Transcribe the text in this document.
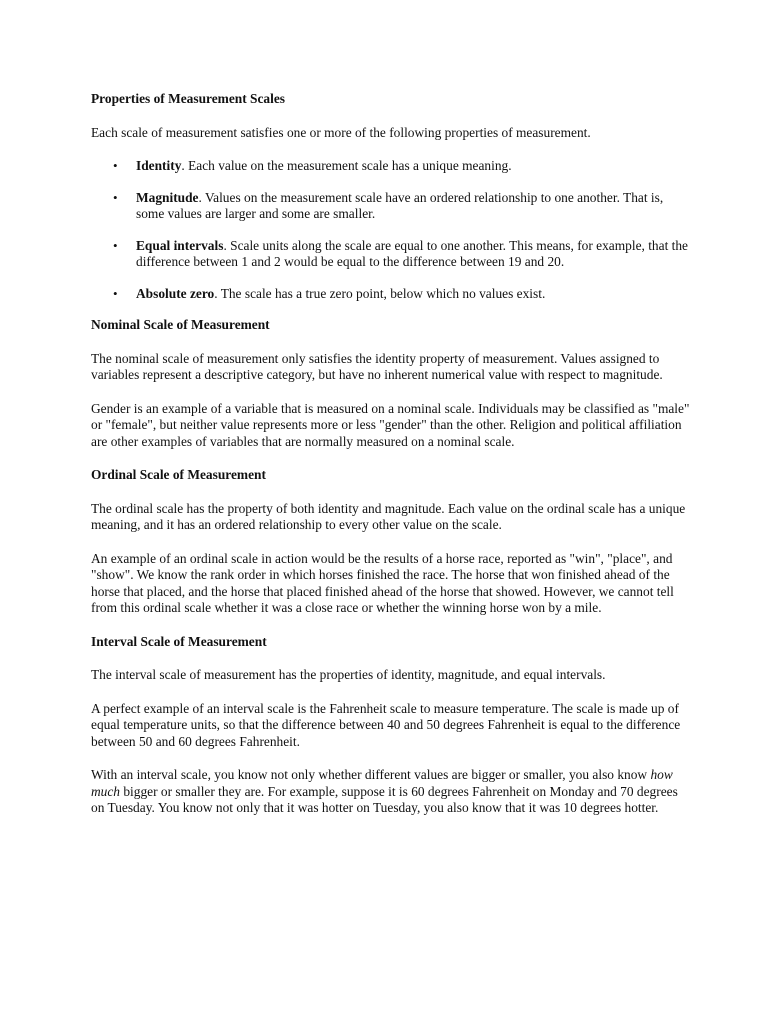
Properties of Measurement Scales
Each scale of measurement satisfies one or more of the following properties of measurement.
• Identity. Each value on the measurement scale has a unique meaning.
• Magnitude. Values on the measurement scale have an ordered relationship to one another. That is, some values are larger and some are smaller.
• Equal intervals. Scale units along the scale are equal to one another. This means, for example, that the difference between 1 and 2 would be equal to the difference between 19 and 20.
• Absolute zero. The scale has a true zero point, below which no values exist.
Nominal Scale of Measurement
The nominal scale of measurement only satisfies the identity property of measurement. Values assigned to variables represent a descriptive category, but have no inherent numerical value with respect to magnitude.
Gender is an example of a variable that is measured on a nominal scale. Individuals may be classified as "male" or "female", but neither value represents more or less "gender" than the other. Religion and political affiliation are other examples of variables that are normally measured on a nominal scale.
Ordinal Scale of Measurement
The ordinal scale has the property of both identity and magnitude. Each value on the ordinal scale has a unique meaning, and it has an ordered relationship to every other value on the scale.
An example of an ordinal scale in action would be the results of a horse race, reported as "win", "place", and "show". We know the rank order in which horses finished the race. The horse that won finished ahead of the horse that placed, and the horse that placed finished ahead of the horse that showed. However, we cannot tell from this ordinal scale whether it was a close race or whether the winning horse won by a mile.
Interval Scale of Measurement
The interval scale of measurement has the properties of identity, magnitude, and equal intervals.
A perfect example of an interval scale is the Fahrenheit scale to measure temperature. The scale is made up of equal temperature units, so that the difference between 40 and 50 degrees Fahrenheit is equal to the difference between 50 and 60 degrees Fahrenheit.
With an interval scale, you know not only whether different values are bigger or smaller, you also know how much bigger or smaller they are. For example, suppose it is 60 degrees Fahrenheit on Monday and 70 degrees on Tuesday. You know not only that it was hotter on Tuesday, you also know that it was 10 degrees hotter.
